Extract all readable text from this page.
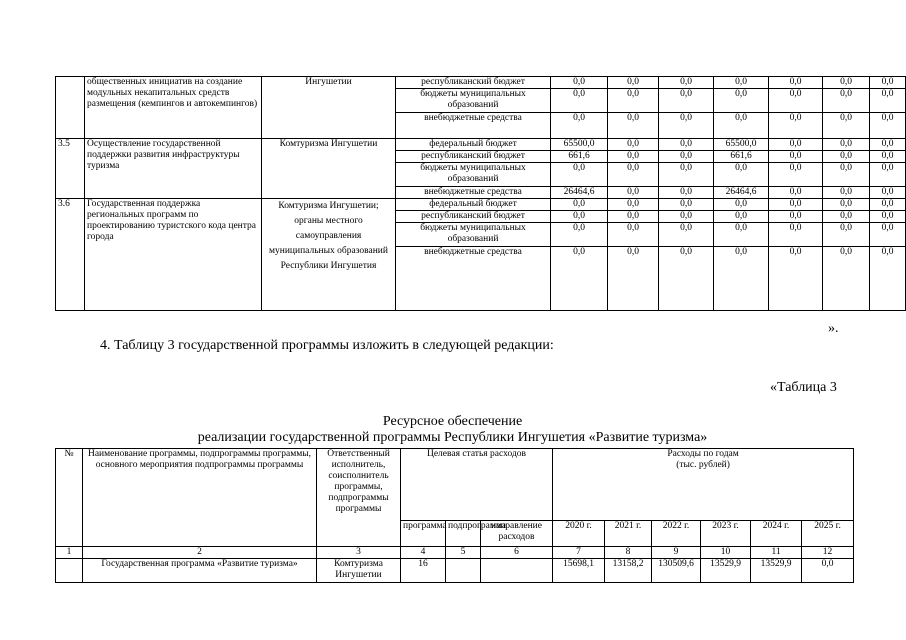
	общественных инициатив на создание модульных некапитальных средств размещения (кемпингов и автокемпингов)	Ингушетии	республиканский бюджет	0,0	0,0	0,0	0,0	0,0	0,0	0,0
			бюджеты муниципальных образований	0,0	0,0	0,0	0,0	0,0	0,0	0,0
			внебюджетные средства	0,0	0,0	0,0	0,0	0,0	0,0	0,0
3.5	Осуществление государственной поддержки развития инфраструктуры туризма	Комтуризма Ингушетии	федеральный бюджет	65500,0	0,0	0,0	65500,0	0,0	0,0	0,0
			республиканский бюджет	661,6	0,0	0,0	661,6	0,0	0,0	0,0
			бюджеты муниципальных образований	0,0	0,0	0,0	0,0	0,0	0,0	0,0
			внебюджетные средства	26464,6	0,0	0,0	26464,6	0,0	0,0	0,0
3.6	Государственная поддержка региональных программ по проектированию туристского кода центра города	Комтуризма Ингушетии; органы местного самоуправления муниципальных образований Республики Ингушетия	федеральный бюджет	0,0	0,0	0,0	0,0	0,0	0,0	0,0
			республиканский бюджет	0,0	0,0	0,0	0,0	0,0	0,0	0,0
			бюджеты муниципальных образований	0,0	0,0	0,0	0,0	0,0	0,0	0,0
			внебюджетные средства	0,0	0,0	0,0	0,0	0,0	0,0	0,0
».
4. Таблицу 3 государственной программы изложить в следующей редакции:
«Таблица 3
Ресурсное обеспечение
реализации государственной программы Республики Ингушетия «Развитие туризма»
№	Наименование программы, подпрограммы программы, основного мероприятия подпрограммы программы	Ответственный исполнитель, соисполнитель программы, подпрограммы программы	Целевая статья расходов			Расходы по годам (тыс. рублей)					
			программа	подпрограмма	направление расходов	2020 г.	2021 г.	2022 г.	2023 г.	2024 г.	2025 г.
1	2	3	4	5	6	7	8	9	10	11	12
	Государственная программа «Развитие туризма»	Комтуризма Ингушетии	16			15698,1	13158,2	130509,6	13529,9	13529,9	0,0
